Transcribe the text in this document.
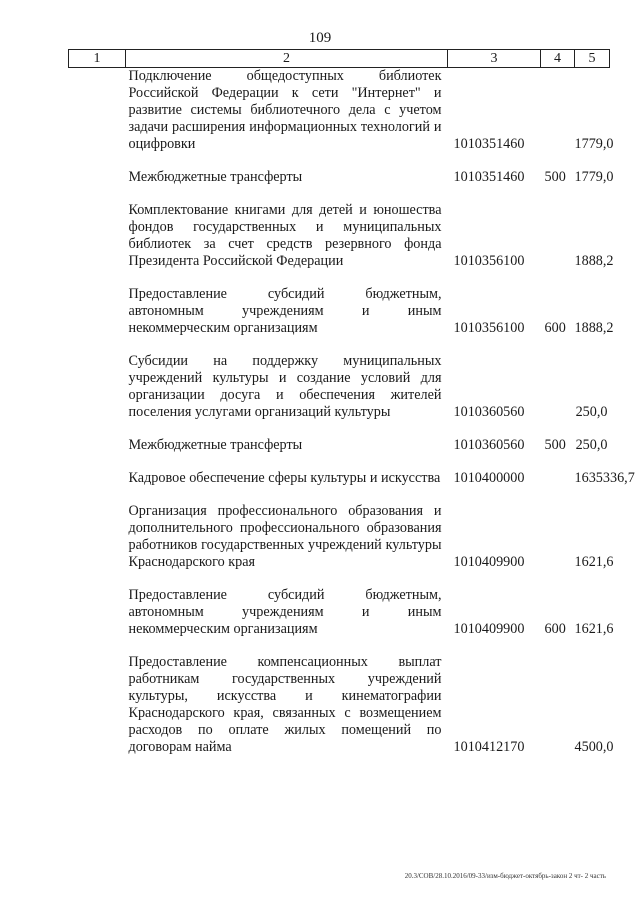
109
1	2	3	4	5
	Подключение общедоступных библиотек Российской Федерации к сети "Интернет" и развитие системы библиотечного дела с учетом задачи расширения информационных технологий и оцифровки	1010351460		1779,0

	Межбюджетные трансферты	1010351460	500	1779,0

	Комплектование книгами для детей и юношества фондов государственных и муниципальных библиотек за счет средств резервного фонда Президента Российской Федерации	1010356100		1888,2

	Предоставление субсидий бюджетным, автономным учреждениям и иным некоммерческим организациям	1010356100	600	1888,2

	Субсидии на поддержку муниципальных учреждений культуры и создание условий для организации досуга и обеспечения жителей поселения услугами организаций культуры	1010360560		250,0

	Межбюджетные трансферты	1010360560	500	250,0

	Кадровое обеспечение сферы культуры и искусства	1010400000		1635336,7

	Организация профессионального образования и дополнительного профессионального образования работников государственных учреждений культуры Краснодарского края	1010409900		1621,6

	Предоставление субсидий бюджетным, автономным учреждениям и иным некоммерческим организациям	1010409900	600	1621,6

	Предоставление компенсационных выплат работникам государственных учреждений культуры, искусства и кинематографии Краснодарского края, связанных с возмещением расходов по оплате жилых помещений по договорам найма	1010412170		4500,0
20.3/СОВ/28.10.2016/09-33/изм-бюджет-октябрь-закон 2 чт- 2 часть
